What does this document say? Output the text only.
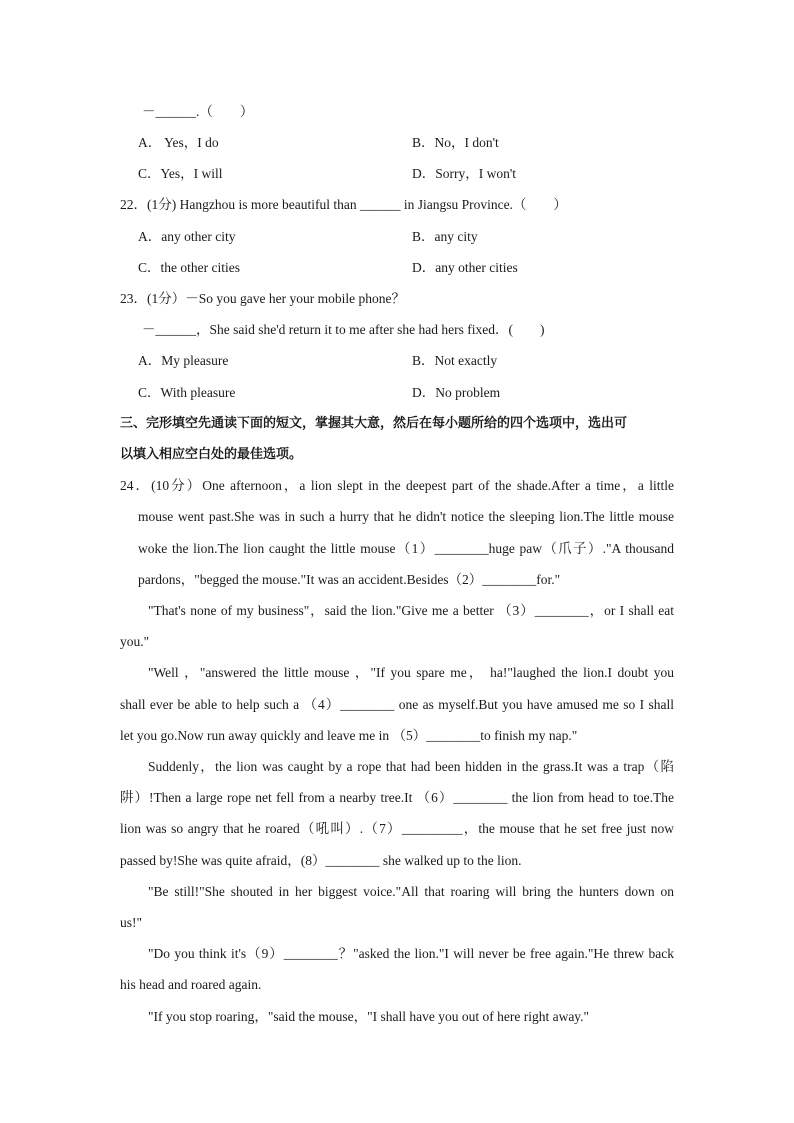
－______.（　　）
A． Yes，I do	B．No，I don't
C．Yes，I will	D．Sorry，I won't
22．(1分) Hangzhou is more beautiful than ______ in Jiangsu Province.（　　）
A．any other city	B．any city
C．the other cities	D．any other cities
23．(1分）－So you gave her your mobile phone？
－______，She said she'd return it to me after she had hers fixed．(　　)
A．My pleasure	B．Not exactly
C．With pleasure	D．No problem
三、完形填空先通读下面的短文，掌握其大意，然后在每小题所给的四个选项中，选出可
以填入相应空白处的最佳选项。
24．(10分）One afternoon，a lion slept in the deepest part of the shade.After a time，a little
mouse went past.She was in such a hurry that he didn't notice the sleeping lion.The little mouse
woke the lion.The lion caught the little mouse（1）________huge paw（爪子）."A thousand
pardons，"begged the mouse."It was an accident.Besides（2）________for."
"That's none of my business"，said the lion."Give me a better （3）________，or I shall eat
you."
"Well ，"answered the little mouse ，"If you spare me， ha!"laughed the lion.I doubt you
shall ever be able to help such a （4）________ one as myself.But you have amused me so I shall
let you go.Now run away quickly and leave me in （5）________to finish my nap."
Suddenly，the lion was caught by a rope that had been hidden in the grass.It was a trap（陷
阱）!Then a large rope net fell from a nearby tree.It （6）________ the lion from head to toe.The
lion was so angry that he roared（吼叫）.（7）_________，the mouse that he set free just now
passed by!She was quite afraid，(8）________ she walked up to the lion.
"Be still!"She shouted in her biggest voice."All that roaring will bring the hunters down on
us!"
"Do you think it's（9）________？"asked the lion."I will never be free again."He threw back
his head and roared again.
"If you stop roaring，"said the mouse，"I shall have you out of here right away."
